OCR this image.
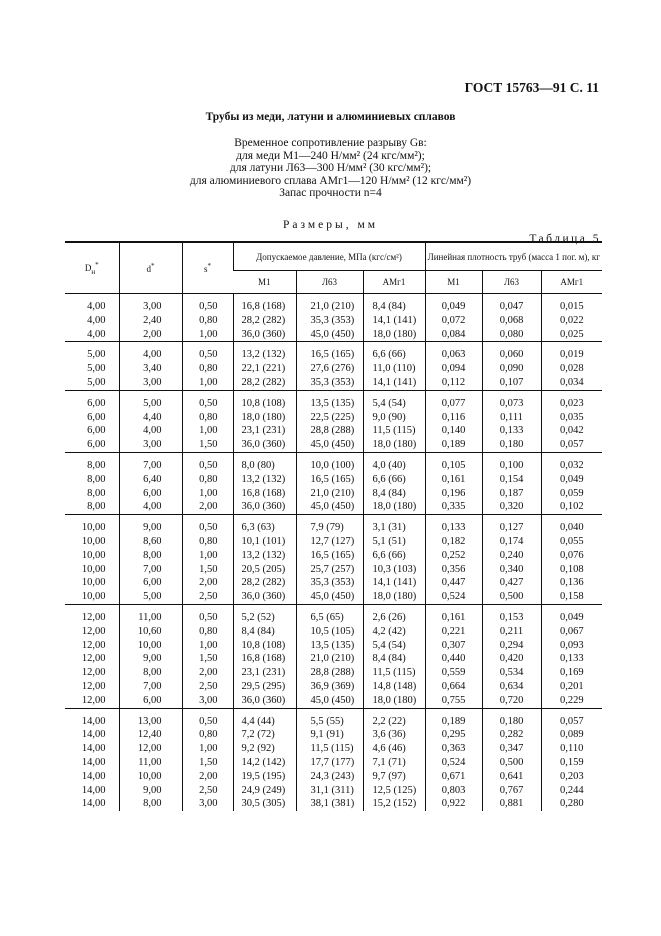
ГОСТ 15763—91 С. 11
Трубы из меди, латуни и алюминиевых сплавов
Временное сопротивление разрыву Gв:
для меди М1—240 Н/мм² (24 кгс/мм²);
для латуни Л63—300 Н/мм² (30 кгс/мм²);
для алюминиевого сплава АМг1—120 Н/мм² (12 кгс/мм²)
Запас прочности n=4
Размеры, мм
Таблица 5
$D_н^*$	d*	s*	Допускаемое давление, МПа (кгс/см²)			Линейная плотность труб (масса 1 пог. м), кг		
			М1	Л63	АМг1	М1	Л63	АМг1
4,00	3,00	0,50	16,8 (168)	21,0 (210)	8,4 (84)	0,049	0,047	0,015
4,00	2,40	0,80	28,2 (282)	35,3 (353)	14,1 (141)	0,072	0,068	0,022
4,00	2,00	1,00	36,0 (360)	45,0 (450)	18,0 (180)	0,084	0,080	0,025
5,00	4,00	0,50	13,2 (132)	16,5 (165)	6,6 (66)	0,063	0,060	0,019
5,00	3,40	0,80	22,1 (221)	27,6 (276)	11,0 (110)	0,094	0,090	0,028
5,00	3,00	1,00	28,2 (282)	35,3 (353)	14,1 (141)	0,112	0,107	0,034
6,00	5,00	0,50	10,8 (108)	13,5 (135)	5,4 (54)	0,077	0,073	0,023
6,00	4,40	0,80	18,0 (180)	22,5 (225)	9,0 (90)	0,116	0,111	0,035
6,00	4,00	1,00	23,1 (231)	28,8 (288)	11,5 (115)	0,140	0,133	0,042
6,00	3,00	1,50	36,0 (360)	45,0 (450)	18,0 (180)	0,189	0,180	0,057
8,00	7,00	0,50	8,0 (80)	10,0 (100)	4,0 (40)	0,105	0,100	0,032
8,00	6,40	0,80	13,2 (132)	16,5 (165)	6,6 (66)	0,161	0,154	0,049
8,00	6,00	1,00	16,8 (168)	21,0 (210)	8,4 (84)	0,196	0,187	0,059
8,00	4,00	2,00	36,0 (360)	45,0 (450)	18,0 (180)	0,335	0,320	0,102
10,00	9,00	0,50	6,3 (63)	7,9 (79)	3,1 (31)	0,133	0,127	0,040
10,00	8,60	0,80	10,1 (101)	12,7 (127)	5,1 (51)	0,182	0,174	0,055
10,00	8,00	1,00	13,2 (132)	16,5 (165)	6,6 (66)	0,252	0,240	0,076
10,00	7,00	1,50	20,5 (205)	25,7 (257)	10,3 (103)	0,356	0,340	0,108
10,00	6,00	2,00	28,2 (282)	35,3 (353)	14,1 (141)	0,447	0,427	0,136
10,00	5,00	2,50	36,0 (360)	45,0 (450)	18,0 (180)	0,524	0,500	0,158
12,00	11,00	0,50	5,2 (52)	6,5 (65)	2,6 (26)	0,161	0,153	0,049
12,00	10,60	0,80	8,4 (84)	10,5 (105)	4,2 (42)	0,221	0,211	0,067
12,00	10,00	1,00	10,8 (108)	13,5 (135)	5,4 (54)	0,307	0,294	0,093
12,00	9,00	1,50	16,8 (168)	21,0 (210)	8,4 (84)	0,440	0,420	0,133
12,00	8,00	2,00	23,1 (231)	28,8 (288)	11,5 (115)	0,559	0,534	0,169
12,00	7,00	2,50	29,5 (295)	36,9 (369)	14,8 (148)	0,664	0,634	0,201
12,00	6,00	3,00	36,0 (360)	45,0 (450)	18,0 (180)	0,755	0,720	0,229
14,00	13,00	0,50	4,4 (44)	5,5 (55)	2,2 (22)	0,189	0,180	0,057
14,00	12,40	0,80	7,2 (72)	9,1 (91)	3,6 (36)	0,295	0,282	0,089
14,00	12,00	1,00	9,2 (92)	11,5 (115)	4,6 (46)	0,363	0,347	0,110
14,00	11,00	1,50	14,2 (142)	17,7 (177)	7,1 (71)	0,524	0,500	0,159
14,00	10,00	2,00	19,5 (195)	24,3 (243)	9,7 (97)	0,671	0,641	0,203
14,00	9,00	2,50	24,9 (249)	31,1 (311)	12,5 (125)	0,803	0,767	0,244
14,00	8,00	3,00	30,5 (305)	38,1 (381)	15,2 (152)	0,922	0,881	0,280
